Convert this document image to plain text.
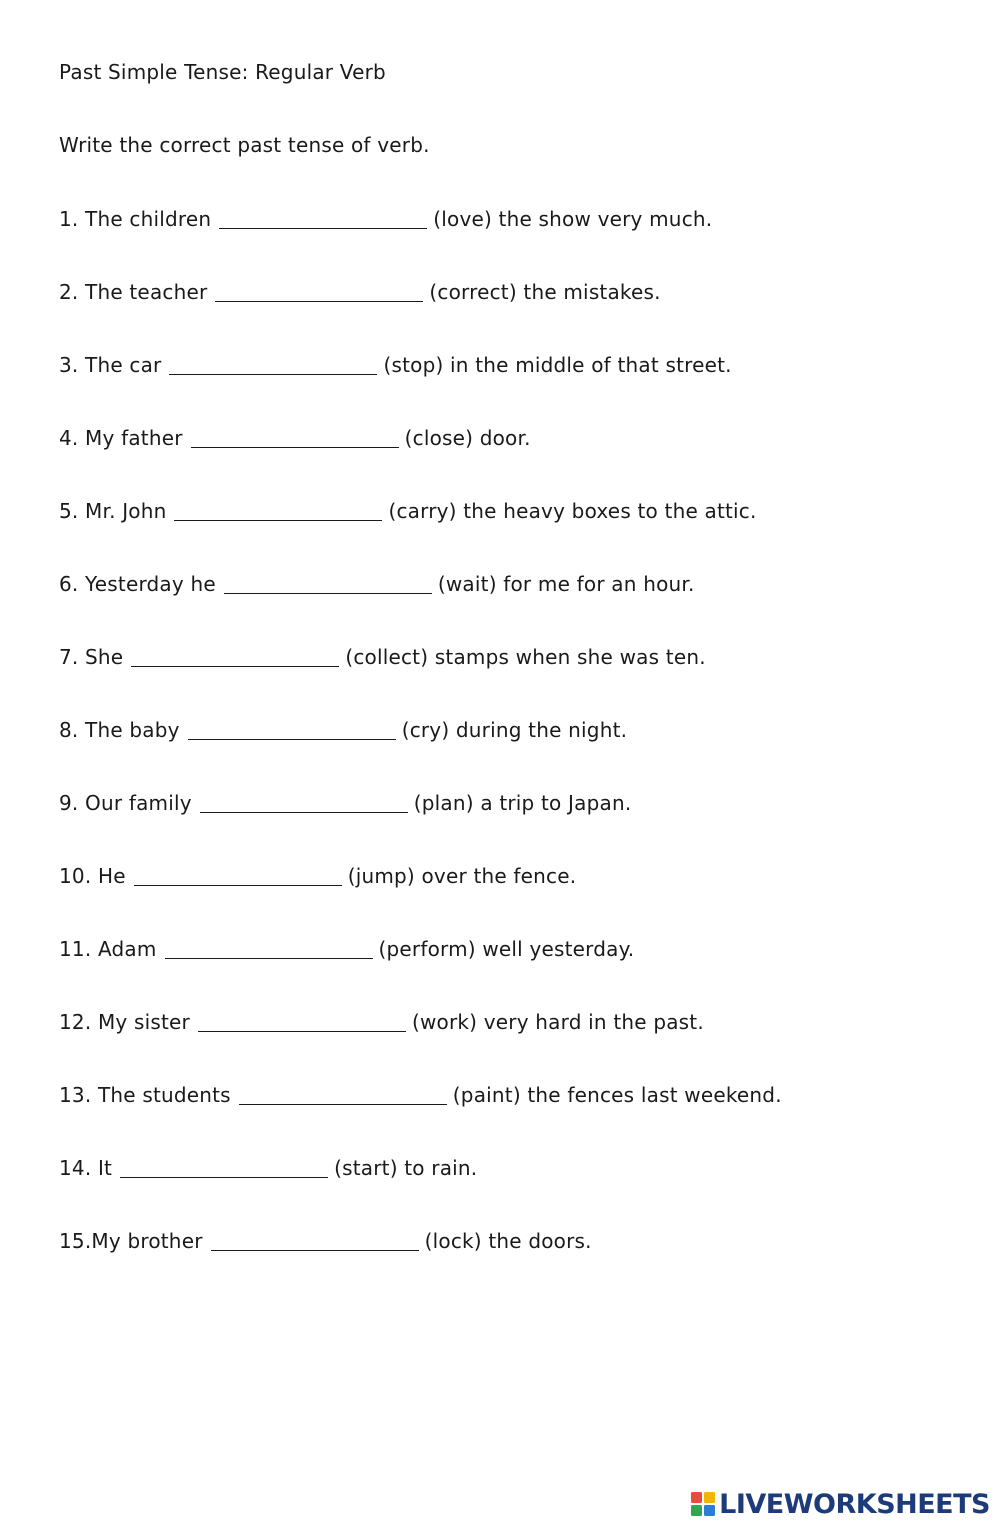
Past Simple Tense: Regular Verb
Write the correct past tense of verb.
1. The children	(love) the show very much.
2. The teacher	(correct) the mistakes.
3. The car	(stop) in the middle of that street.
4. My father	(close) door.
5. Mr. John	(carry) the heavy boxes to the attic.
6. Yesterday he	(wait) for me for an hour.
7. She	(collect) stamps when she was ten.
8. The baby	(cry) during the night.
9. Our family	(plan) a trip to Japan.
10. He	(jump) over the fence.
11. Adam	(perform) well yesterday.
12. My sister	(work) very hard in the past.
13. The students	(paint) the fences last weekend.
14. It	(start) to rain.
15.My brother	(lock) the doors.
LIVEWORKSHEETS
